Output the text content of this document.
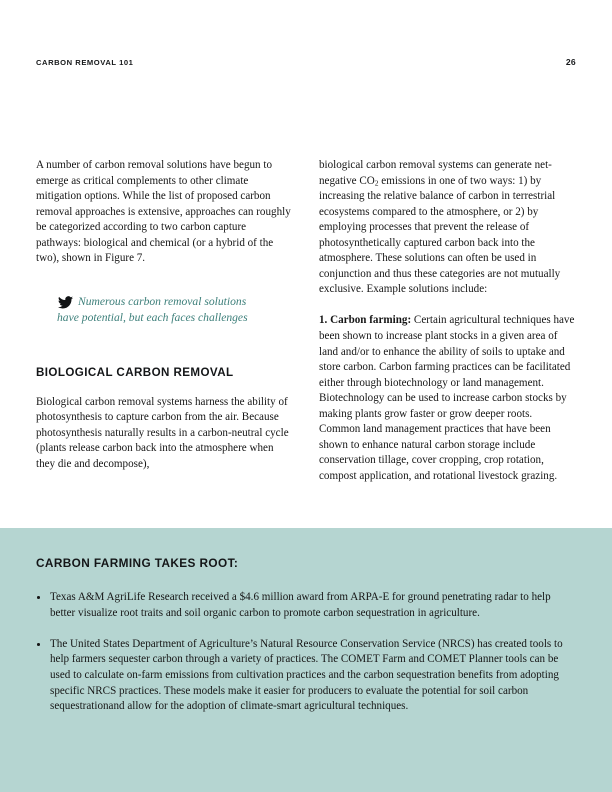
CARBON REMOVAL 101	26

A number of carbon removal solutions have begun to emerge as critical complements to other climate mitigation options. While the list of proposed carbon removal approaches is extensive, approaches can roughly be categorized according to two carbon capture pathways: biological and chemical (or a hybrid of the two), shown in Figure 7.

Numerous carbon removal solutions
have potential, but each faces challenges
BIOLOGICAL CARBON REMOVAL

Biological carbon removal systems harness the ability of photosynthesis to capture carbon from the air. Because photosynthesis naturally results in a carbon-neutral cycle (plants release carbon back into the atmosphere when they die and decompose),

biological carbon removal systems can generate net-negative $CO_2$ emissions in one of two ways: 1) by increasing the relative balance of carbon in terrestrial ecosystems compared to the atmosphere, or 2) by employing processes that prevent the release of photosynthetically captured carbon back into the atmosphere. These solutions can often be used in conjunction and thus these categories are not mutually exclusive. Example solutions include:

1. Carbon farming: Certain agricultural techniques have been shown to increase plant stocks in a given area of land and/or to enhance the ability of soils to uptake and store carbon. Carbon farming practices can be facilitated either through biotechnology or land management. Biotechnology can be used to increase carbon stocks by making plants grow faster or grow deeper roots. Common land management practices that have been shown to enhance natural carbon storage include conservation tillage, cover cropping, crop rotation, compost application, and rotational livestock grazing.

CARBON FARMING TAKES ROOT:
Texas A&M AgriLife Research received a $4.6 million award from ARPA-E for ground penetrating radar to help better visualize root traits and soil organic carbon to promote carbon sequestration in agriculture.
The United States Department of Agriculture’s Natural Resource Conservation Service (NRCS) has created tools to help farmers sequester carbon through a variety of practices. The COMET Farm and COMET Planner tools can be used to calculate on-farm emissions from cultivation practices and the carbon sequestration benefits from adopting specific NRCS practices. These models make it easier for producers to evaluate the potential for soil carbon sequestrationand allow for the adoption of climate-smart agricultural techniques.
